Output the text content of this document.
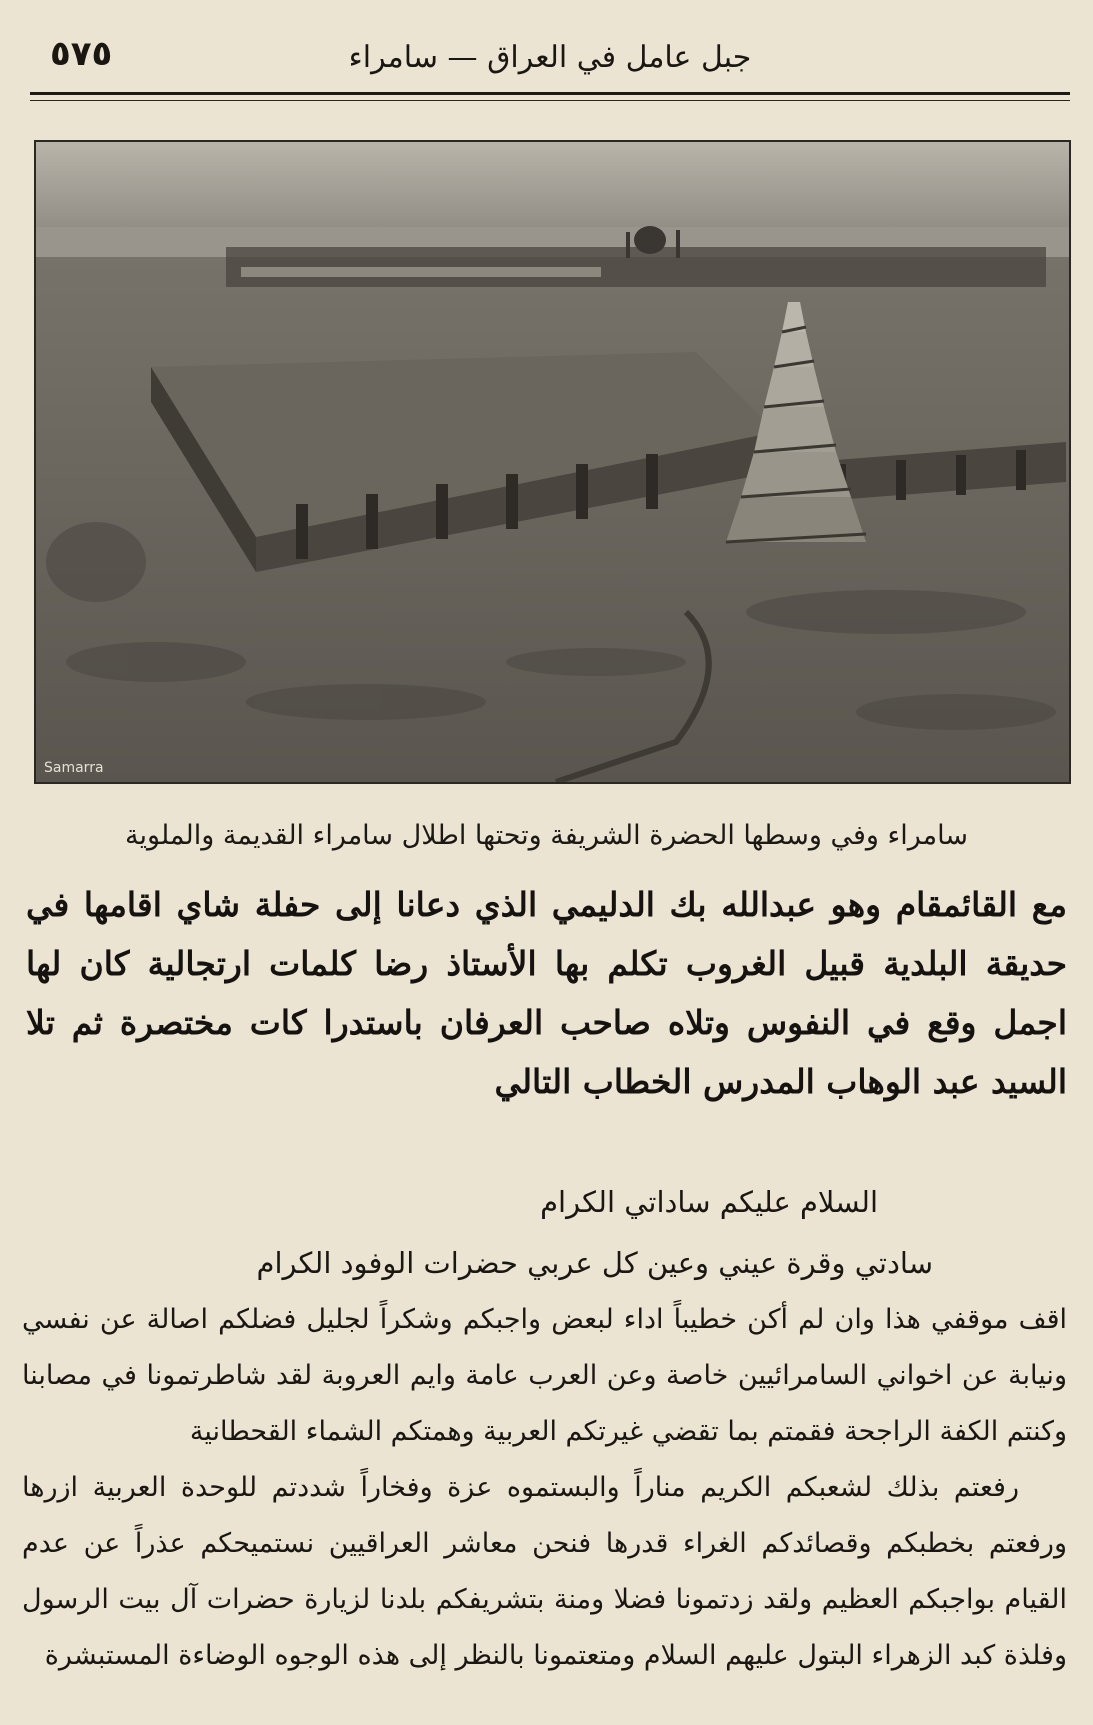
٥٧٥	جبل عامل في العراق — سامراء
Samarra
سامراء وفي وسطها الحضرة الشريفة وتحتها اطلال سامراء القديمة والملوية
مع القائمقام وهو عبدالله بك الدليمي الذي دعانا إلى حفلة شاي اقامها في حديقة البلدية قبيل الغروب تكلم بها الأستاذ رضا كلمات ارتجالية كان لها اجمل وقع في النفوس وتلاه صاحب العرفان باستدرا كات مختصرة ثم تلا السيد عبد الوهاب المدرس الخطاب التالي
السلام عليكم ساداتي الكرام
سادتي وقرة عيني وعين كل عربي حضرات الوفود الكرام

اقف موقفي هذا وان لم أكن خطيباً اداء لبعض واجبكم وشكراً لجليل فضلكم اصالة عن نفسي ونيابة عن اخواني السامرائيين خاصة وعن العرب عامة وايم العروبة لقد شاطرتمونا في مصابنا وكنتم الكفة الراجحة فقمتم بما تقضي غيرتكم العربية وهمتكم الشماء القحطانية

رفعتم بذلك لشعبكم الكريم مناراً والبستموه عزة وفخاراً شددتم للوحدة العربية ازرها ورفعتم بخطبكم وقصائدكم الغراء قدرها فنحن معاشر العراقيين نستميحكم عذراً عن عدم القيام بواجبكم العظيم ولقد زدتمونا فضلا ومنة بتشريفكم بلدنا لزيارة حضرات آل بيت الرسول وفلذة كبد الزهراء البتول عليهم السلام ومتعتمونا بالنظر إلى هذه الوجوه الوضاءة المستبشرة
